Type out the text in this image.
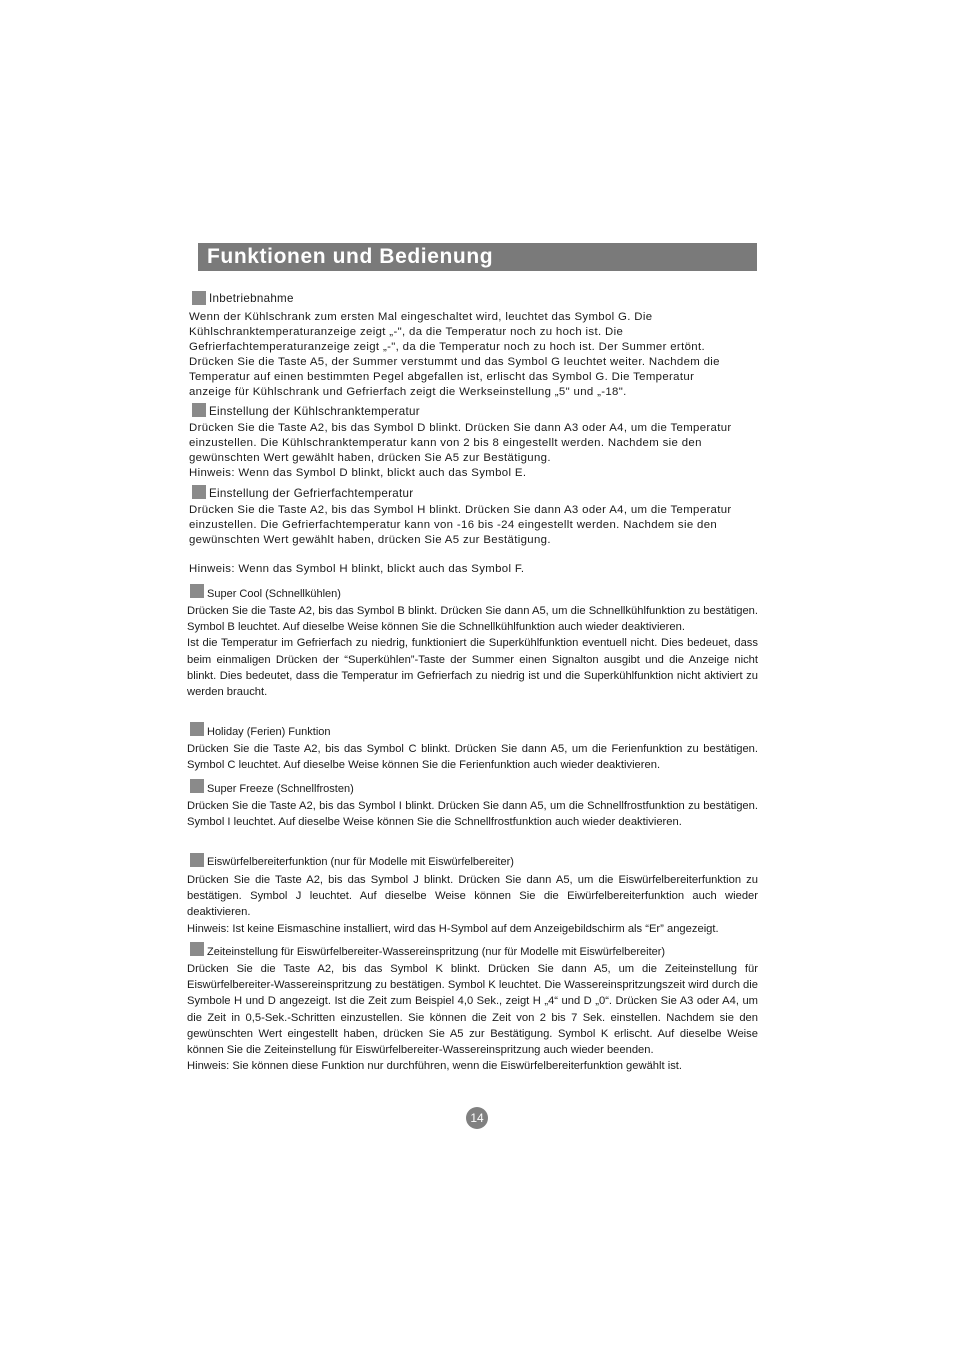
Funktionen und Bedienung
Inbetriebnahme
Wenn der Kühlschrank zum ersten Mal eingeschaltet wird, leuchtet das Symbol G. Die
Kühlschranktemperaturanzeige zeigt „-", da die Temperatur noch zu hoch ist. Die
Gefrierfachtemperaturanzeige zeigt „-", da die Temperatur noch zu hoch ist. Der Summer ertönt.
Drücken Sie die Taste A5, der Summer verstummt und das Symbol G leuchtet weiter. Nachdem die
Temperatur auf einen bestimmten Pegel abgefallen ist, erlischt das Symbol G. Die Temperatur
anzeige für Kühlschrank und Gefrierfach zeigt die Werkseinstellung „5" und „-18".
Einstellung der Kühlschranktemperatur
Drücken Sie die Taste A2, bis das Symbol D blinkt. Drücken Sie dann A3 oder A4, um die Temperatur
einzustellen. Die Kühlschranktemperatur kann von 2 bis 8 eingestellt werden. Nachdem sie den
gewünschten Wert gewählt haben, drücken Sie A5 zur Bestätigung.
Hinweis: Wenn das Symbol D blinkt, blickt auch das Symbol E.
Einstellung der Gefrierfachtemperatur
Drücken Sie die Taste A2, bis das Symbol H blinkt. Drücken Sie dann A3 oder A4, um die Temperatur
einzustellen. Die Gefrierfachtemperatur kann von -16 bis -24 eingestellt werden. Nachdem sie den
gewünschten Wert gewählt haben, drücken Sie A5 zur Bestätigung.
Hinweis: Wenn das Symbol H blinkt, blickt auch das Symbol F.
Super Cool (Schnellkühlen)

Drücken Sie die Taste A2, bis das Symbol B blinkt. Drücken Sie dann A5, um die Schnellkühlfunktion zu bestätigen. Symbol B leuchtet. Auf dieselbe Weise können Sie die Schnellkühlfunktion auch wieder deaktivieren.

Ist die Temperatur im Gefrierfach zu niedrig, funktioniert die Superkühlfunktion eventuell nicht. Dies bedeuet, dass beim einmaligen Drücken der “Superkühlen”-Taste der Summer einen Signalton ausgibt und die Anzeige nicht blinkt. Dies bedeutet, dass die Temperatur im Gefrierfach zu niedrig ist und die Superkühlfunktion nicht aktiviert zu werden braucht.

Holiday (Ferien) Funktion

Drücken Sie die Taste A2, bis das Symbol C blinkt. Drücken Sie dann A5, um die Ferienfunktion zu bestätigen. Symbol C leuchtet. Auf dieselbe Weise können Sie die Ferienfunktion auch wieder deaktivieren.

Super Freeze (Schnellfrosten)

Drücken Sie die Taste A2, bis das Symbol I blinkt. Drücken Sie dann A5, um die Schnellfrostfunktion zu bestätigen. Symbol I leuchtet. Auf dieselbe Weise können Sie die Schnellfrostfunktion auch wieder deaktivieren.

Eiswürfelbereiterfunktion (nur für Modelle mit Eiswürfelbereiter)

Drücken Sie die Taste A2, bis das Symbol J blinkt. Drücken Sie dann A5, um die Eiswürfelbereiterfunktion zu bestätigen. Symbol J leuchtet. Auf dieselbe Weise können Sie die Eiwürfelbereiterfunktion auch wieder deaktivieren.

Hinweis: Ist keine Eismaschine installiert, wird das H-Symbol auf dem Anzeigebildschirm als “Er” angezeigt.

Zeiteinstellung für Eiswürfelbereiter-Wassereinspritzung (nur für Modelle mit Eiswürfelbereiter)

Drücken Sie die Taste A2, bis das Symbol K blinkt. Drücken Sie dann A5, um die Zeiteinstellung für Eiswürfelbereiter-Wassereinspritzung zu bestätigen. Symbol K leuchtet. Die Wassereinspritzungszeit wird durch die Symbole H und D angezeigt. Ist die Zeit zum Beispiel 4,0 Sek., zeigt H „4“ und D „0“. Drücken Sie A3 oder A4, um die Zeit in 0,5-Sek.-Schritten einzustellen. Sie können die Zeit von 2 bis 7 Sek. einstellen. Nachdem sie den gewünschten Wert eingestellt haben, drücken Sie A5 zur Bestätigung. Symbol K erlischt. Auf dieselbe Weise können Sie die Zeiteinstellung für Eiswürfelbereiter-Wassereinspritzung auch wieder beenden.

Hinweis: Sie können diese Funktion nur durchführen, wenn die Eiswürfelbereiterfunktion gewählt ist.

14
